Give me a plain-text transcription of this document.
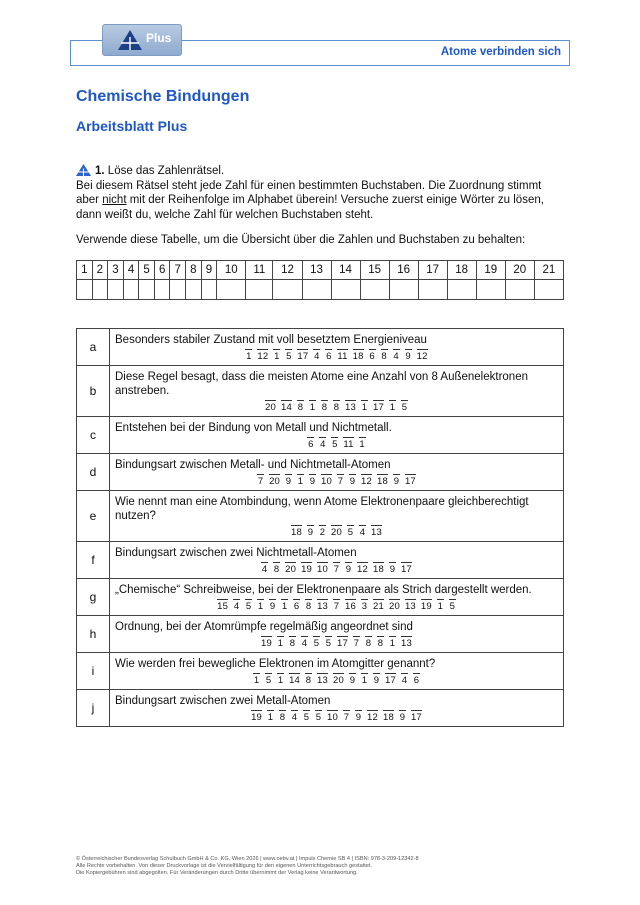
Atome verbinden sich
Plus
Chemische Bindungen
Arbeitsblatt Plus
1. Löse das Zahlenrätsel.
Bei diesem Rätsel steht jede Zahl für einen bestimmten Buchstaben. Die Zuordnung stimmt
aber nicht mit der Reihenfolge im Alphabet überein! Versuche zuerst einige Wörter zu lösen,
dann weißt du, welche Zahl für welchen Buchstaben steht.
Verwende diese Tabelle, um die Übersicht über die Zahlen und Buchstaben zu behalten:
1	2	3	4	5	6	7	8	9	10	11	12	13	14	15	16	17	18	19	20	21

a	Besonders stabiler Zustand mit voll besetztem Energieniveau
1 12 1 5 17 4 6 11 18 6 8 4 9 12

b	Diese Regel besagt, dass die meisten Atome eine Anzahl von 8 Außenelektronen anstreben.
20 14 8 1 8 8 13 1 17 1 5

c	Entstehen bei der Bindung von Metall und Nichtmetall.
6 4 5 11 1

d	Bindungsart zwischen Metall- und Nichtmetall-Atomen
7 20 9 1 9 10 7 9 12 18 9 17

e	Wie nennt man eine Atombindung, wenn Atome Elektronenpaare gleichberechtigt nutzen?
18 9 2 20 5 4 13

f	Bindungsart zwischen zwei Nichtmetall-Atomen
4 8 20 19 10 7 9 12 18 9 17

g	„Chemische“ Schreibweise, bei der Elektronenpaare als Strich dargestellt werden.
15 4 5 1 9 1 6 8 13 7 16 3 21 20 13 19 1 5

h	Ordnung, bei der Atomrümpfe regelmäßig angeordnet sind
19 1 8 4 5 5 17 7 8 8 1 13

i	Wie werden frei bewegliche Elektronen im Atomgitter genannt?
1 5 1 14 8 13 20 9 1 9 17 4 6

j	Bindungsart zwischen zwei Metall-Atomen
19 1 8 4 5 5 10 7 9 12 18 9 17
© Österreichischer Bundesverlag Schulbuch GmbH & Co. KG, Wien 2026 | www.oebv.at | Impuls Chemie SB 4 | ISBN: 978-3-209-12342-8
Alle Rechte vorbehalten. Von dieser Druckvorlage ist die Vervielfältigung für den eigenen Unterrichtsgebrauch gestattet.
Die Kopiergebühren sind abgegolten. Für Veränderungen durch Dritte übernimmt der Verlag keine Verantwortung.
